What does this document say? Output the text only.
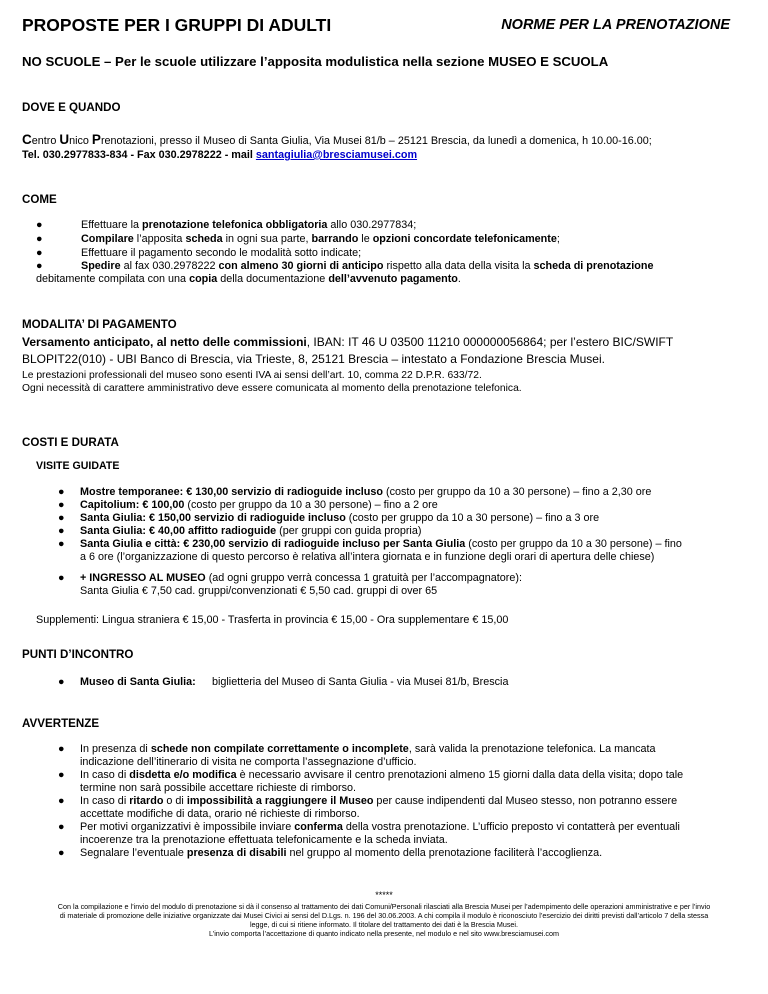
PROPOSTE PER I GRUPPI DI ADULTI	NORME PER LA PRENOTAZIONE
NO SCUOLE – Per le scuole utilizzare l’apposita modulistica nella sezione MUSEO E SCUOLA
DOVE E QUANDO
Centro Unico Prenotazioni, presso il Museo di Santa Giulia, Via Musei 81/b – 25121 Brescia, da lunedì a domenica, h 10.00-16.00;
Tel. 030.2977833-834 - Fax 030.2978222 - mail santagiulia@bresciamusei.com
COME
●	Effettuare la prenotazione telefonica obbligatoria allo 030.2977834;
●	Compilare l’apposita scheda in ogni sua parte, barrando le opzioni concordate telefonicamente;
●	Effettuare il pagamento secondo le modalità sotto indicate;
●	Spedire al fax 030.2978222 con almeno 30 giorni di anticipo rispetto alla data della visita la scheda di prenotazione
debitamente compilata con una copia della documentazione dell’avvenuto pagamento.
MODALITA’ DI PAGAMENTO
Versamento anticipato, al netto delle commissioni, IBAN: IT 46 U 03500 11210 000000056864; per l’estero BIC/SWIFT
BLOPIT22(010) - UBI Banco di Brescia, via Trieste, 8, 25121 Brescia – intestato a Fondazione Brescia Musei.
Le prestazioni professionali del museo sono esenti IVA ai sensi dell’art. 10, comma 22 D.P.R. 633/72.
Ogni necessità di carattere amministrativo deve essere comunicata al momento della prenotazione telefonica.
COSTI E DURATA
VISITE GUIDATE
● Mostre temporanee: € 130,00 servizio di radioguide incluso (costo per gruppo da 10 a 30 persone) – fino a 2,30 ore
● Capitolium: € 100,00 (costo per gruppo da 10 a 30 persone) – fino a 2 ore
● Santa Giulia: € 150,00 servizio di radioguide incluso (costo per gruppo da 10 a 30 persone) – fino a 3 ore
● Santa Giulia: € 40,00 affitto radioguide (per gruppi con guida propria)
● Santa Giulia e città: € 230,00 servizio di radioguide incluso per Santa Giulia (costo per gruppo da 10 a 30 persone) – fino
a 6 ore (l’organizzazione di questo percorso è relativa all’intera giornata e in funzione degli orari di apertura delle chiese)
● + INGRESSO AL MUSEO (ad ogni gruppo verrà concessa 1 gratuità per l’accompagnatore):
Santa Giulia € 7,50 cad. gruppi/convenzionati € 5,50 cad. gruppi di over 65
Supplementi: Lingua straniera € 15,00 - Trasferta in provincia € 15,00 - Ora supplementare € 15,00
PUNTI D’INCONTRO
● Museo di Santa Giulia: biglietteria del Museo di Santa Giulia - via Musei 81/b, Brescia
AVVERTENZE
● In presenza di schede non compilate correttamente o incomplete, sarà valida la prenotazione telefonica. La mancata
indicazione dell’itinerario di visita ne comporta l’assegnazione d’ufficio.
● In caso di disdetta e/o modifica è necessario avvisare il centro prenotazioni almeno 15 giorni dalla data della visita; dopo tale
termine non sarà possibile accettare richieste di rimborso.
● In caso di ritardo o di impossibilità a raggiungere il Museo per cause indipendenti dal Museo stesso, non potranno essere
accettate modifiche di data, orario né richieste di rimborso.
● Per motivi organizzativi è impossibile inviare conferma della vostra prenotazione. L’ufficio preposto vi contatterà per eventuali
incoerenze tra la prenotazione effettuata telefonicamente e la scheda inviata.
● Segnalare l’eventuale presenza di disabili nel gruppo al momento della prenotazione faciliterà l’accoglienza.
*****
Con la compilazione e l’invio del modulo di prenotazione si dà il consenso al trattamento dei dati Comuni/Personali rilasciati alla Brescia Musei per l’adempimento delle operazioni amministrative e per l’invio
di materiale di promozione delle iniziative organizzate dai Musei Civici ai sensi del D.Lgs. n. 196 del 30.06.2003. A chi compila il modulo è riconosciuto l’esercizio dei diritti previsti dall’articolo 7 della stessa
legge, di cui si ritiene informato. Il titolare del trattamento dei dati è la Brescia Musei.
L’invio comporta l’accettazione di quanto indicato nella presente, nel modulo e nel sito www.bresciamusei.com
